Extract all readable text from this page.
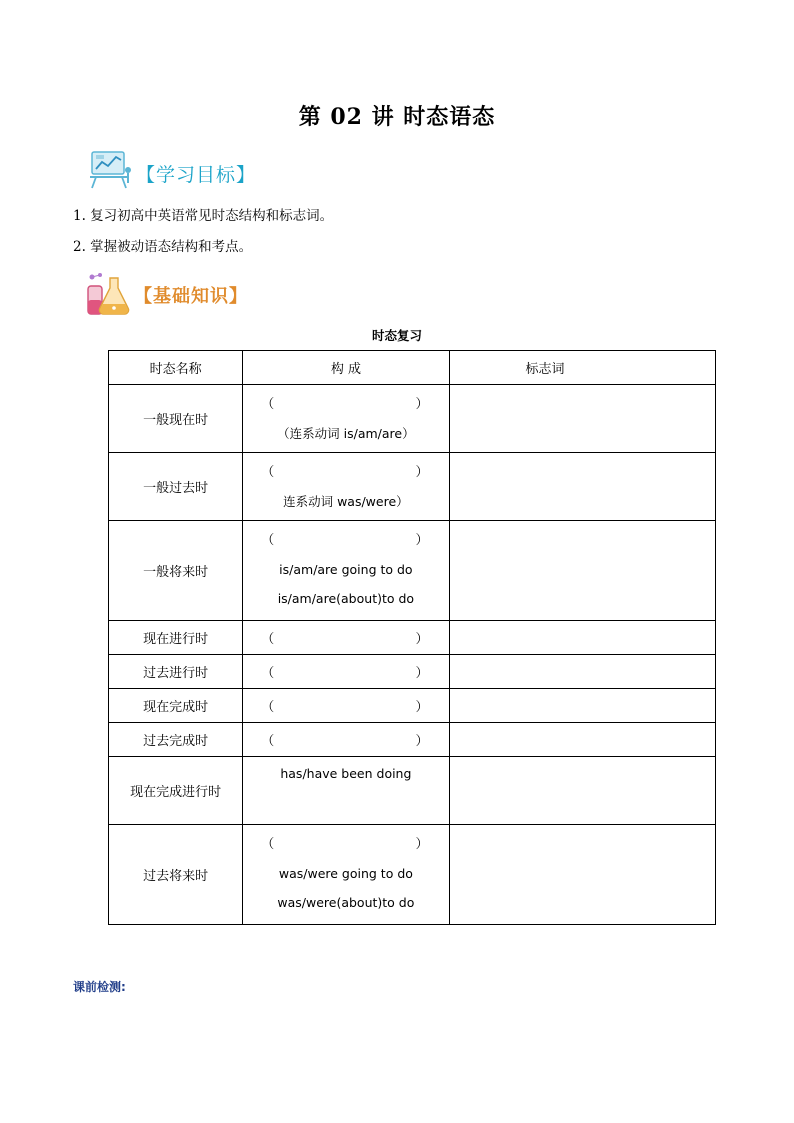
第 02 讲 时态语态
【学习目标】
1. 复习初高中英语常见时态结构和标志词。
2. 掌握被动语态结构和考点。
【基础知识】
时态复习
时态名称	构 成	标志词
一般现在时	（ ）
（连系动词 is/am/are）	

一般过去时	（ ）
连系动词 was/were）	

一般将来时	（ ）
is/am/are going to do
is/am/are(about)to do	

现在进行时	（ ）	

过去进行时	（ ）	

现在完成时	（ ）	

过去完成时	（ ）	

现在完成进行时	has/have been doing	

过去将来时	（ ）
was/were going to do
was/were(about)to do	

课前检测:
